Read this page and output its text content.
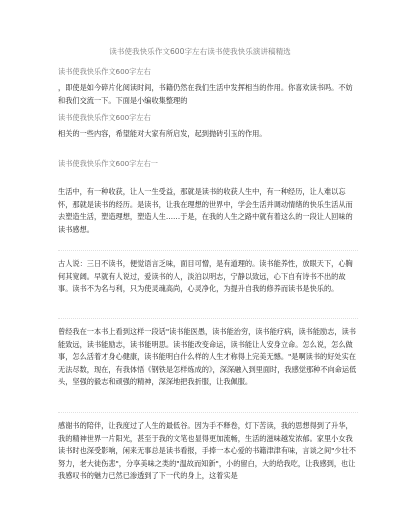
读书使我快乐作文600字左右读书使我快乐演讲稿精选
读书使我快乐作文600字左右
，即使是如今碎片化阅读时间，书籍仍然在我们生活中发挥相当的作用。你喜欢读书吗。不妨和我们交流一下。下面是小编收集整理的
读书使我快乐作文600字左右
相关的一些内容，希望能对大家有所启发，起到抛砖引玉的作用。
读书使我快乐作文600字左右一
生活中，有一种收获，让人一生受益，那就是读书的收获人生中，有一种经历，让人难以忘怀，那就是读书的经历。是读书，让我在理想的世界中，学会生活并调动情绪的快乐生活从而去塑造生活，塑造理想，塑造人生……于是，在我的人生之路中就有着这么的一段让人回味的读书感想。
古人说：三日不读书，便觉语言乏味，面目可憎，是有道理的。读书能养性，放眼天下，心胸何其宽阔。早就有人说过，爱读书的人，淡泊以明志，宁静以致远，心下自有诗书不出的故事。读书不为名与利，只为使灵魂高尚，心灵净化，为提升自我的修养而读书是快乐的。
曾经我在一本书上看到这样一段话"读书能医愚，读书能治穷，读书能疗病，读书能励志，读书能致远，读书能励志，读书能明思。读书能改变命运，读书能让人安身立命。怎么说，怎么做事，怎么活着才身心健康，读书能明白什么样的人生才称得上完美无憾。"是啊读书的好处实在无法尽数，现在，有我体悟《钢铁是怎样炼成的》，深深融入到里面时，我感觉那种不向命运低头，坚强的毅志和顽强的精神，深深地把我折服，让我佩服。
感谢书的陪伴，让我度过了人生的最低谷。因为手不释卷，灯下苦读，我的思想得到了升华，我的精神世界一片阳光，甚至于我的文笔也显得更加流畅，生活的滋味越发浓郁。家里小女我读书时也深受影响，闲来无事总是读书看报，手捧一本心爱的书籍津津有味，言谈之间"少壮不努力，老大徒伤悲"，分享美味之类的"温故而知新"，小的留白，大的给我吃，让我感到，也让我感叹书的魅力已然已渗透到了下一代的身上，这着实是
